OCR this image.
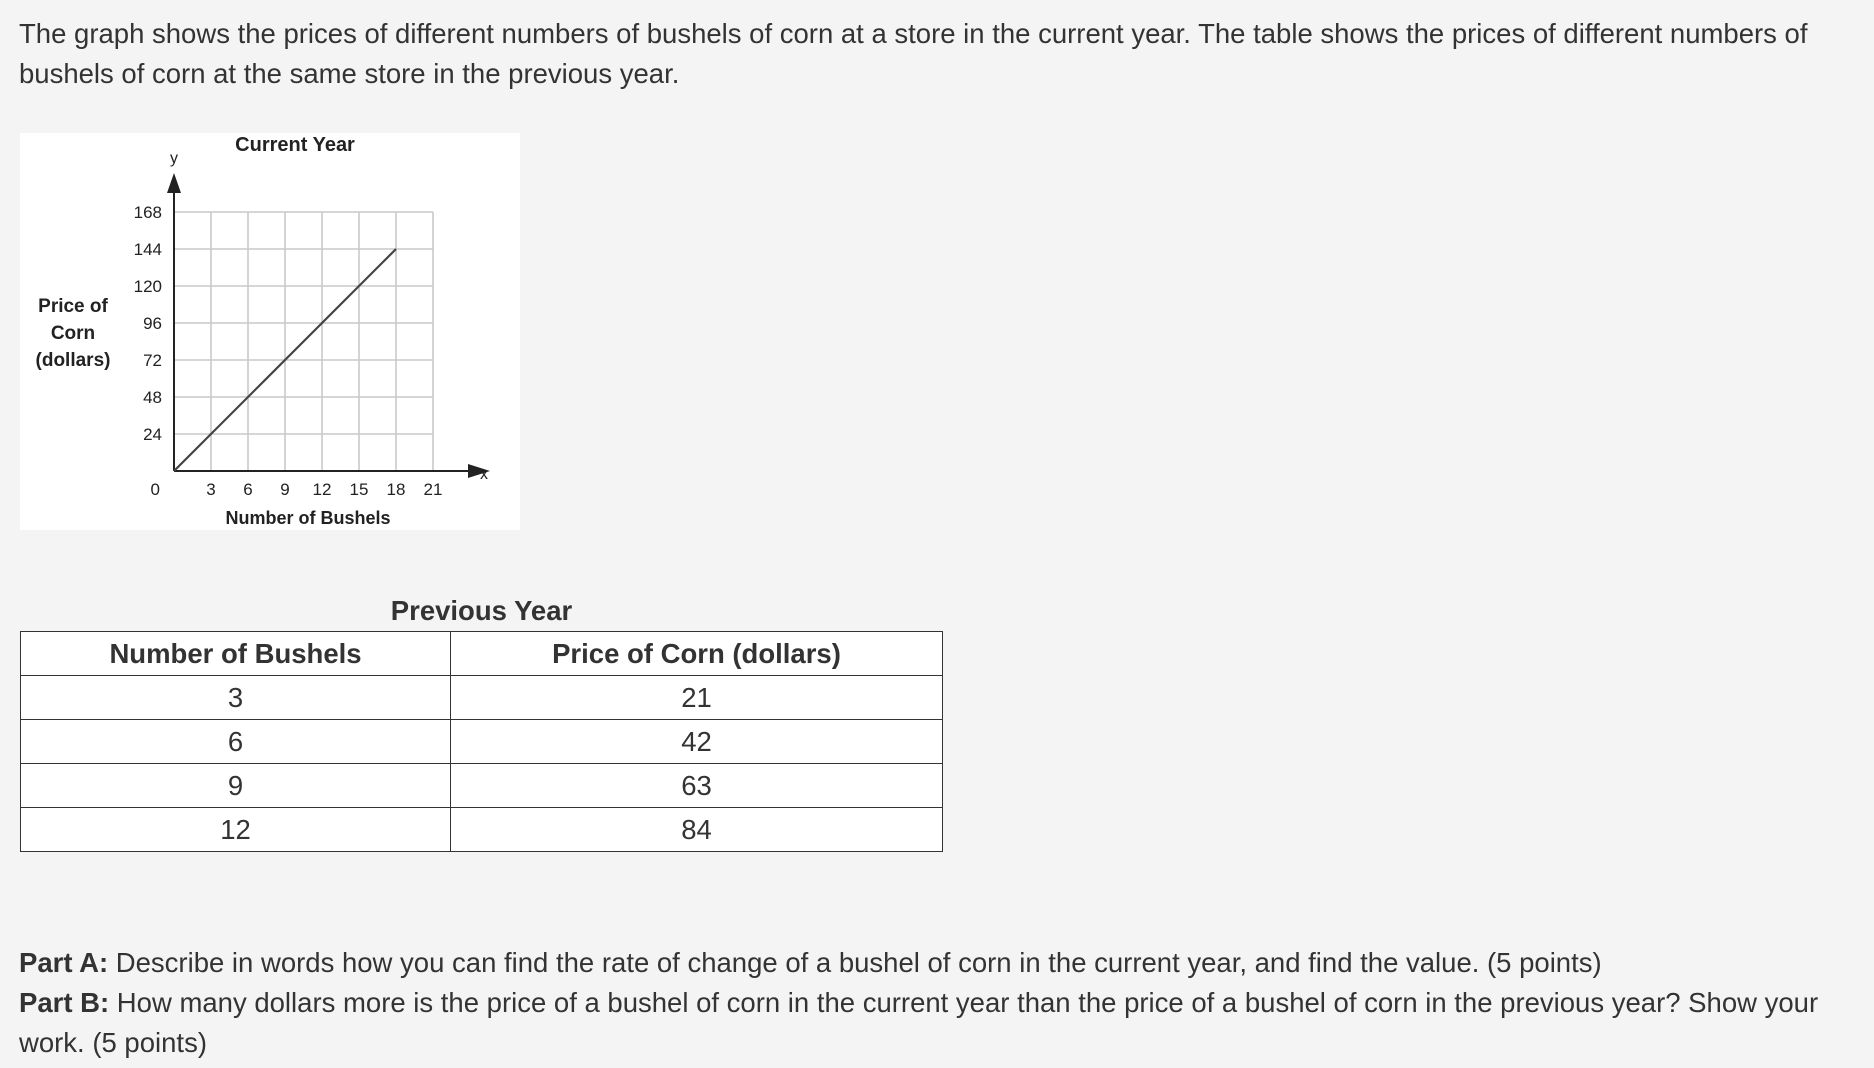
The graph shows the prices of different numbers of bushels of corn at a store in the current year. The table shows the prices of different numbers of bushels of corn at the same store in the previous year.

3 6 9 12 15 18 21
24
48
72
96
120
144
168
0
x
y
Current Year
Number of Bushels
Price of
Corn
(dollars)
Previous Year
Number of Bushels	Price of Corn (dollars)
3	21
6	42
9	63
12	84

Part A: Describe in words how you can find the rate of change of a bushel of corn in the current year, and find the value. (5 points)

Part B: How many dollars more is the price of a bushel of corn in the current year than the price of a bushel of corn in the previous year? Show your work. (5 points)
